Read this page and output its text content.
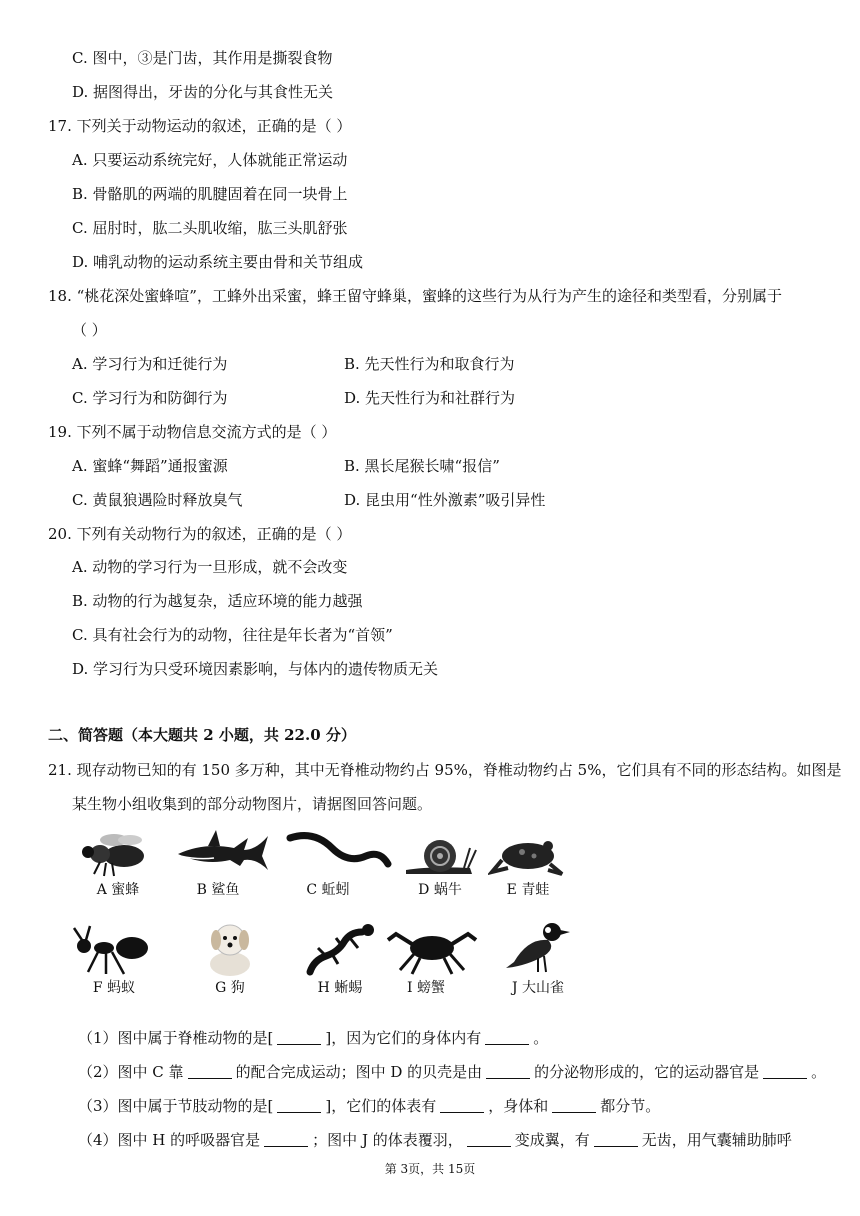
C. 图中，③是门齿，其作用是撕裂食物
D. 据图得出，牙齿的分化与其食性无关
17. 下列关于动物运动的叙述，正确的是（ ）
A. 只要运动系统完好，人体就能正常运动
B. 骨骼肌的两端的肌腱固着在同一块骨上
C. 屈肘时，肱二头肌收缩，肱三头肌舒张
D. 哺乳动物的运动系统主要由骨和关节组成
18. “桃花深处蜜蜂喧”，工蜂外出采蜜，蜂王留守蜂巢，蜜蜂的这些行为从行为产生的途径和类型看，分别属于
（ ）
A. 学习行为和迁徙行为	B. 先天性行为和取食行为
C. 学习行为和防御行为	D. 先天性行为和社群行为
19. 下列不属于动物信息交流方式的是（ ）
A. 蜜蜂“舞蹈”通报蜜源	B. 黑长尾猴长啸“报信”
C. 黄鼠狼遇险时释放臭气	D. 昆虫用“性外激素”吸引异性
20. 下列有关动物行为的叙述，正确的是（ ）
A. 动物的学习行为一旦形成，就不会改变
B. 动物的行为越复杂，适应环境的能力越强
C. 具有社会行为的动物，往往是年长者为“首领”
D. 学习行为只受环境因素影响，与体内的遗传物质无关
二、简答题（本大题共 2 小题，共 22.0 分）
21. 现存动物已知的有 150 多万种，其中无脊椎动物约占 95%，脊椎动物约占 5%，它们具有不同的形态结构。如图是
某生物小组收集到的部分动物图片，请据图回答问题。
A 蜜蜂	B 鲨鱼	C 蚯蚓	D 蜗牛	E 青蛙
F 蚂蚁	G 狗	H 蜥蜴	I 螃蟹	J 大山雀
（1）图中属于脊椎动物的是[	]，因为它们的身体内有	。
（2）图中 C 靠	的配合完成运动；图中 D 的贝壳是由	的分泌物形成的，它的运动器官是	。
（3）图中属于节肢动物的是[	]，它们的体表有	，身体和	都分节。
（4）图中 H 的呼吸器官是	；图中 J 的体表覆羽，	变成翼，有	无齿，用气囊辅助肺呼
第 3页，共 15页
